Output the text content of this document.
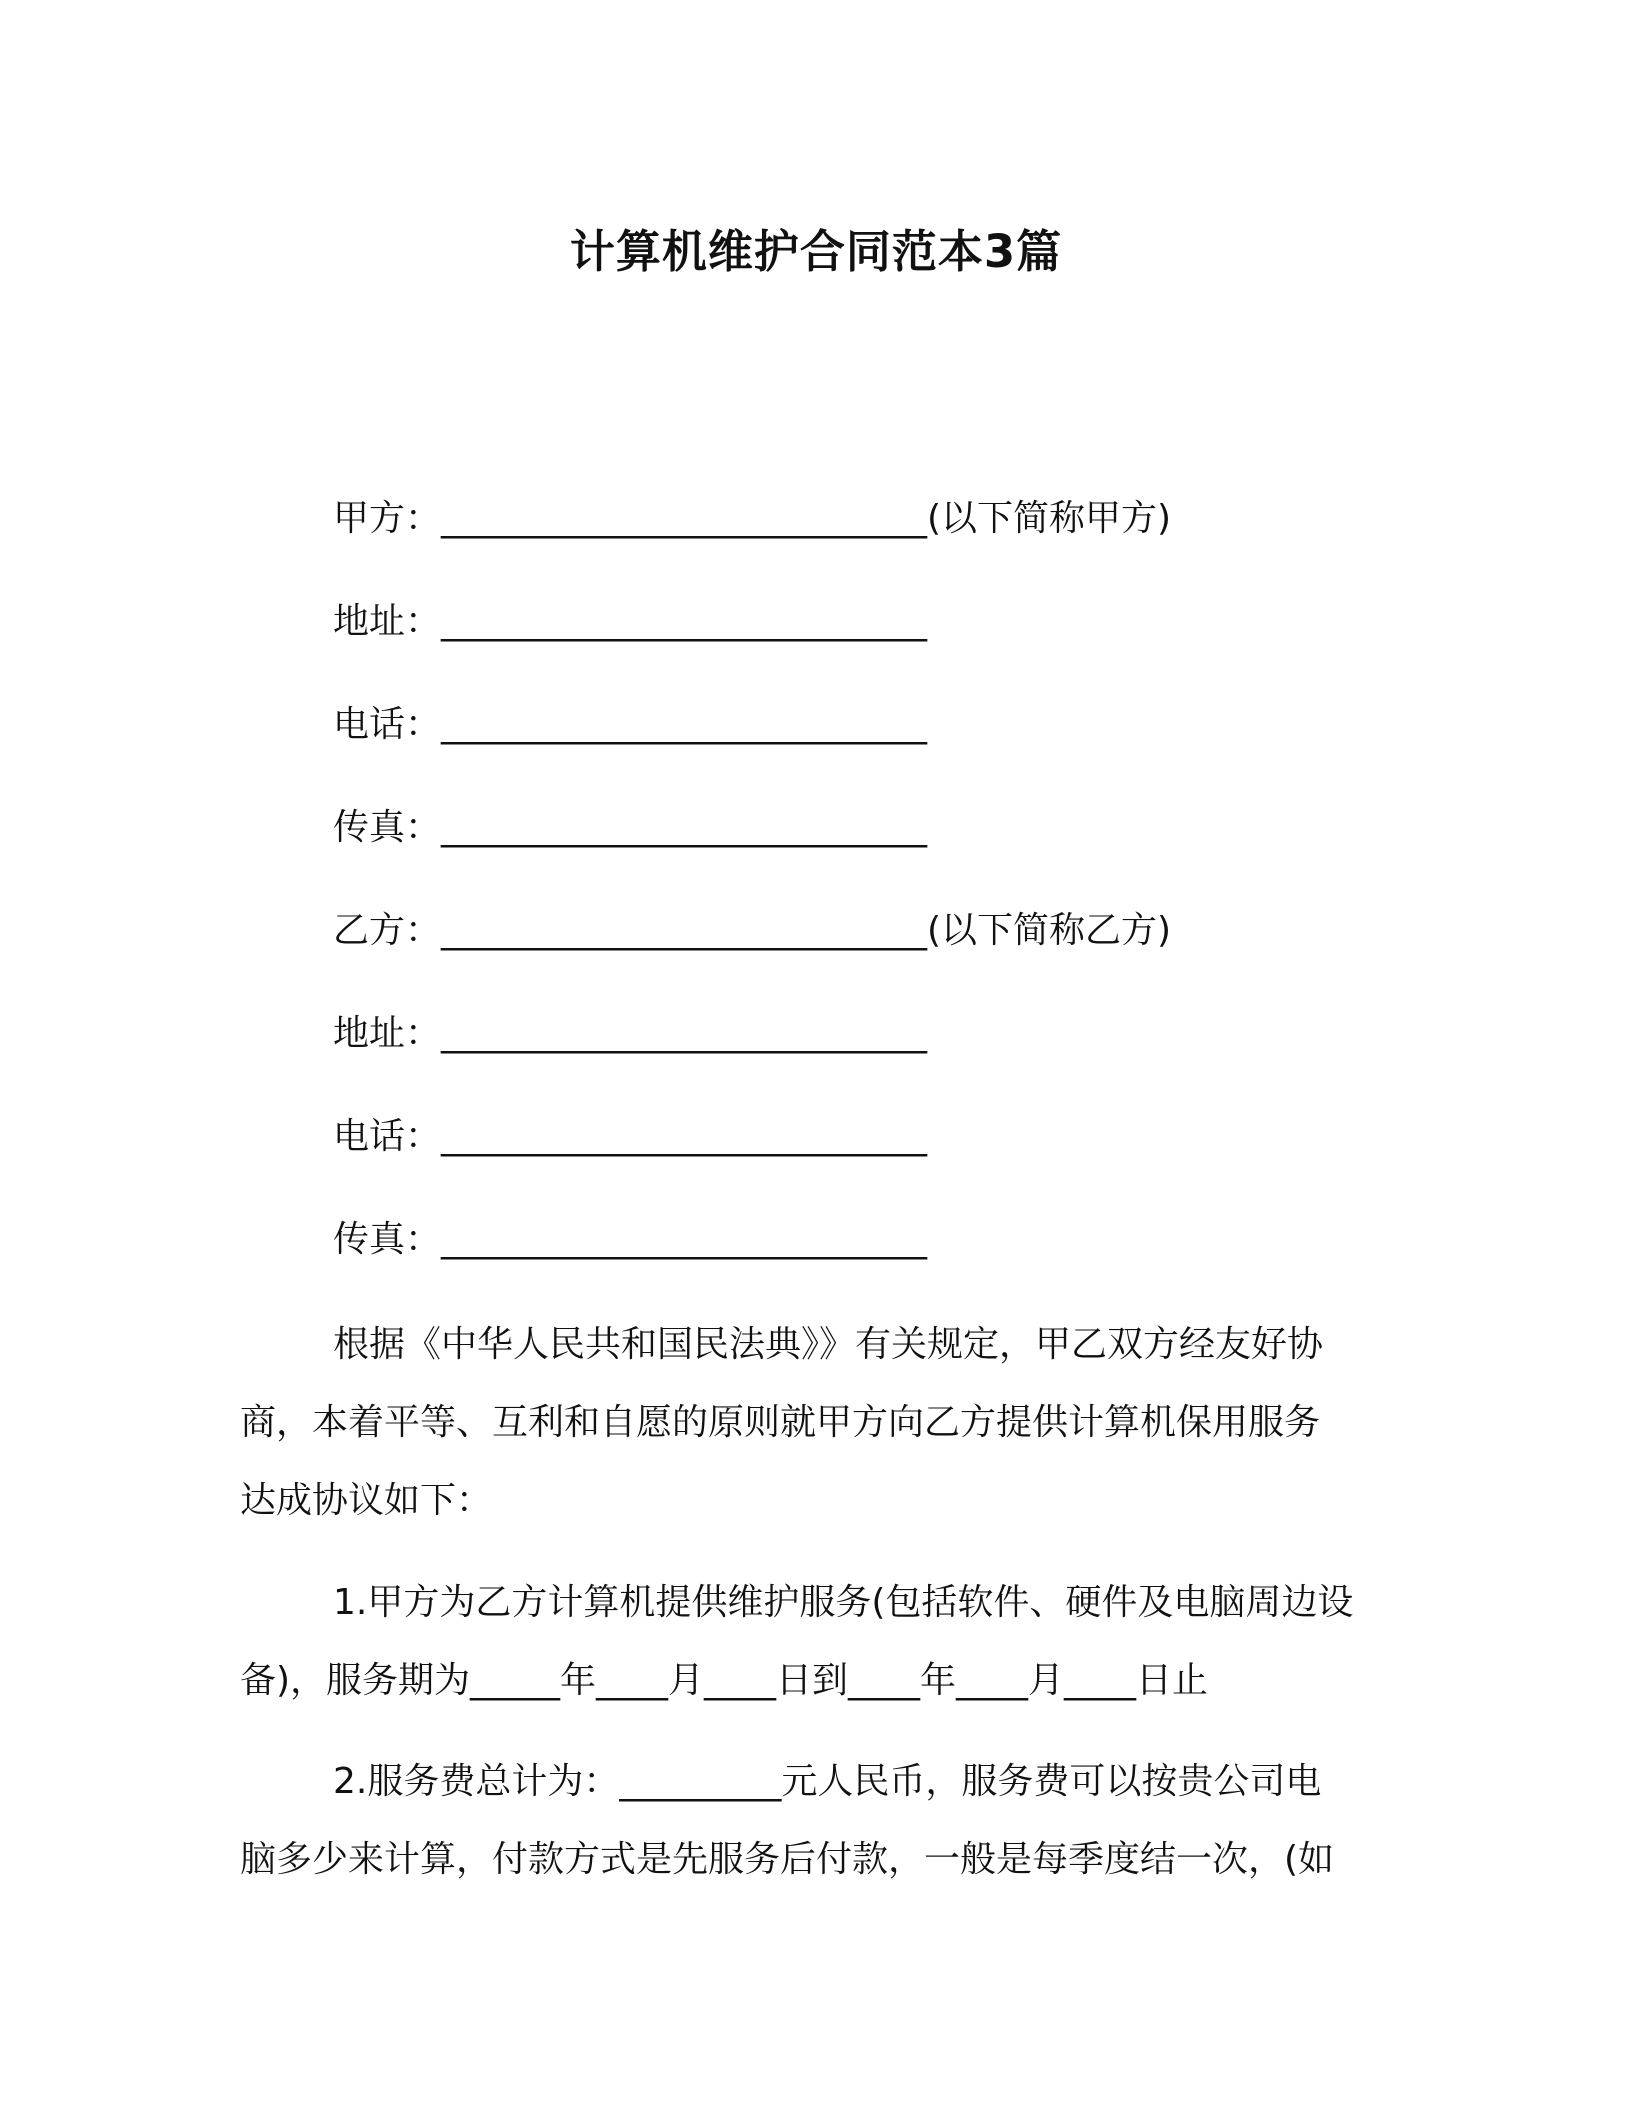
计算机维护合同范本3篇
甲方：___________________________(以下简称甲方)
地址：___________________________
电话：___________________________
传真：___________________________
乙方：___________________________(以下简称乙方)
地址：___________________________
电话：___________________________
传真：___________________________
根据《中华人民共和国民法典》》有关规定，甲乙双方经友好协
商，本着平等、互利和自愿的原则就甲方向乙方提供计算机保用服务
达成协议如下：
1.甲方为乙方计算机提供维护服务(包括软件、硬件及电脑周边设
备)，服务期为_____年____月____日到____年____月____日止
2.服务费总计为：_________元人民币，服务费可以按贵公司电
脑多少来计算，付款方式是先服务后付款，一般是每季度结一次，(如
